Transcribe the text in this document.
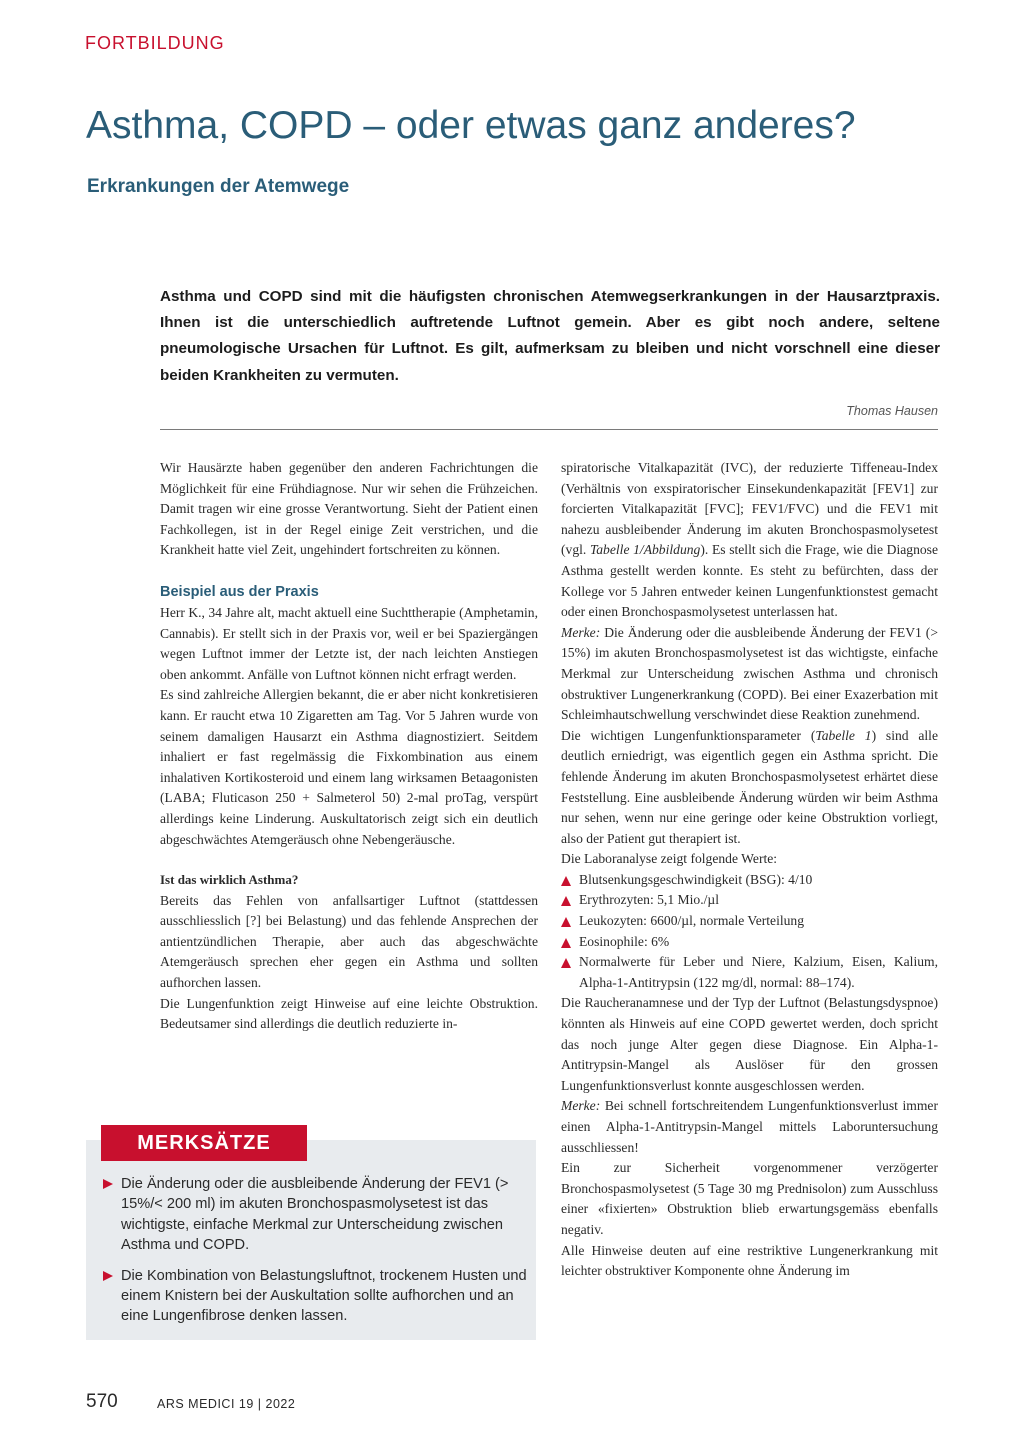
FORTBILDUNG
Asthma, COPD – oder etwas ganz anderes?
Erkrankungen der Atemwege

Asthma und COPD sind mit die häufigsten chronischen Atemwegserkrankungen in der Hausarztpraxis. Ihnen ist die unterschiedlich auftretende Luftnot gemein. Aber es gibt noch andere, seltene pneumologische Ursachen für Luftnot. Es gilt, aufmerksam zu bleiben und nicht vorschnell eine dieser beiden Krankheiten zu vermuten.

Thomas Hausen

Wir Hausärzte haben gegenüber den anderen Fachrichtungen die Möglichkeit für eine Frühdiagnose. Nur wir sehen die Frühzeichen. Damit tragen wir eine grosse Verantwortung. Sieht der Patient einen Fachkollegen, ist in der Regel einige Zeit verstrichen, und die Krankheit hatte viel Zeit, ungehindert fortschreiten zu können.

Beispiel aus der Praxis

Herr K., 34 Jahre alt, macht aktuell eine Suchttherapie (Amphetamin, Cannabis). Er stellt sich in der Praxis vor, weil er bei Spaziergängen wegen Luftnot immer der Letzte ist, der nach leichten Anstiegen oben ankommt. Anfälle von Luftnot können nicht erfragt werden.

Es sind zahlreiche Allergien bekannt, die er aber nicht konkretisieren kann. Er raucht etwa 10 Zigaretten am Tag. Vor 5 Jahren wurde von seinem damaligen Hausarzt ein Asthma diagnostiziert. Seitdem inhaliert er fast regelmässig die Fixkombination aus einem inhalativen Kortikosteroid und einem lang wirksamen Betaagonisten (LABA; Fluticason 250 + Salmeterol 50) 2-mal proTag, verspürt allerdings keine Linderung. Auskultatorisch zeigt sich ein deutlich abgeschwächtes Atemgeräusch ohne Nebengeräusche.

Ist das wirklich Asthma?

Bereits das Fehlen von anfallsartiger Luftnot (stattdessen ausschliesslich [?] bei Belastung) und das fehlende Ansprechen der antientzündlichen Therapie, aber auch das abgeschwächte Atemgeräusch sprechen eher gegen ein Asthma und sollten aufhorchen lassen.

Die Lungenfunktion zeigt Hinweise auf eine leichte Obstruktion. Bedeutsamer sind allerdings die deutlich reduzierte in-

spiratorische Vitalkapazität (IVC), der reduzierte Tiffeneau-Index (Verhältnis von exspiratorischer Einsekundenkapazität [FEV1] zur forcierten Vitalkapazität [FVC]; FEV1/FVC) und die FEV1 mit nahezu ausbleibender Änderung im akuten Bronchospasmolysetest (vgl. Tabelle 1/Abbildung). Es stellt sich die Frage, wie die Diagnose Asthma gestellt werden konnte. Es steht zu befürchten, dass der Kollege vor 5 Jahren entweder keinen Lungenfunktionstest gemacht oder einen Bronchospasmolysetest unterlassen hat.

Merke: Die Änderung oder die ausbleibende Änderung der FEV1 (> 15%) im akuten Bronchospasmolysetest ist das wichtigste, einfache Merkmal zur Unterscheidung zwischen Asthma und chronisch obstruktiver Lungenerkrankung (COPD). Bei einer Exazerbation mit Schleimhautschwellung verschwindet diese Reaktion zunehmend.

Die wichtigen Lungenfunktionsparameter (Tabelle 1) sind alle deutlich erniedrigt, was eigentlich gegen ein Asthma spricht. Die fehlende Änderung im akuten Bronchospasmolysetest erhärtet diese Feststellung. Eine ausbleibende Änderung würden wir beim Asthma nur sehen, wenn nur eine geringe oder keine Obstruktion vorliegt, also der Patient gut therapiert ist.

Die Laboranalyse zeigt folgende Werte:

Blutsenkungsgeschwindigkeit (BSG): 4/10
Erythrozyten: 5,1 Mio./µl
Leukozyten: 6600/µl, normale Verteilung
Eosinophile: 6%
Normalwerte für Leber und Niere, Kalzium, Eisen, Kalium, Alpha-1-Antitrypsin (122 mg/dl, normal: 88–174).

Die Raucheranamnese und der Typ der Luftnot (Belastungsdyspnoe) könnten als Hinweis auf eine COPD gewertet werden, doch spricht das noch junge Alter gegen diese Diagnose. Ein Alpha-1-Antitrypsin-Mangel als Auslöser für den grossen Lungenfunktionsverlust konnte ausgeschlossen werden.

Merke: Bei schnell fortschreitendem Lungenfunktionsverlust immer einen Alpha-1-Antitrypsin-Mangel mittels Laboruntersuchung ausschliessen!

Ein zur Sicherheit vorgenommener verzögerter Bronchospasmolysetest (5 Tage 30 mg Prednisolon) zum Ausschluss einer «fixierten» Obstruktion blieb erwartungsgemäss ebenfalls negativ.

Alle Hinweise deuten auf eine restriktive Lungenerkrankung mit leichter obstruktiver Komponente ohne Änderung im

MERKSÄTZE
Die Änderung oder die ausbleibende Änderung der FEV1 (> 15%/< 200 ml) im akuten Bronchospasmolysetest ist das wichtigste, einfache Merkmal zur Unterscheidung zwischen Asthma und COPD.
Die Kombination von Belastungsluftnot, trockenem Husten und einem Knistern bei der Auskultation sollte aufhorchen und an eine Lungenfibrose denken lassen.
570	ARS MEDICI 19 | 2022
